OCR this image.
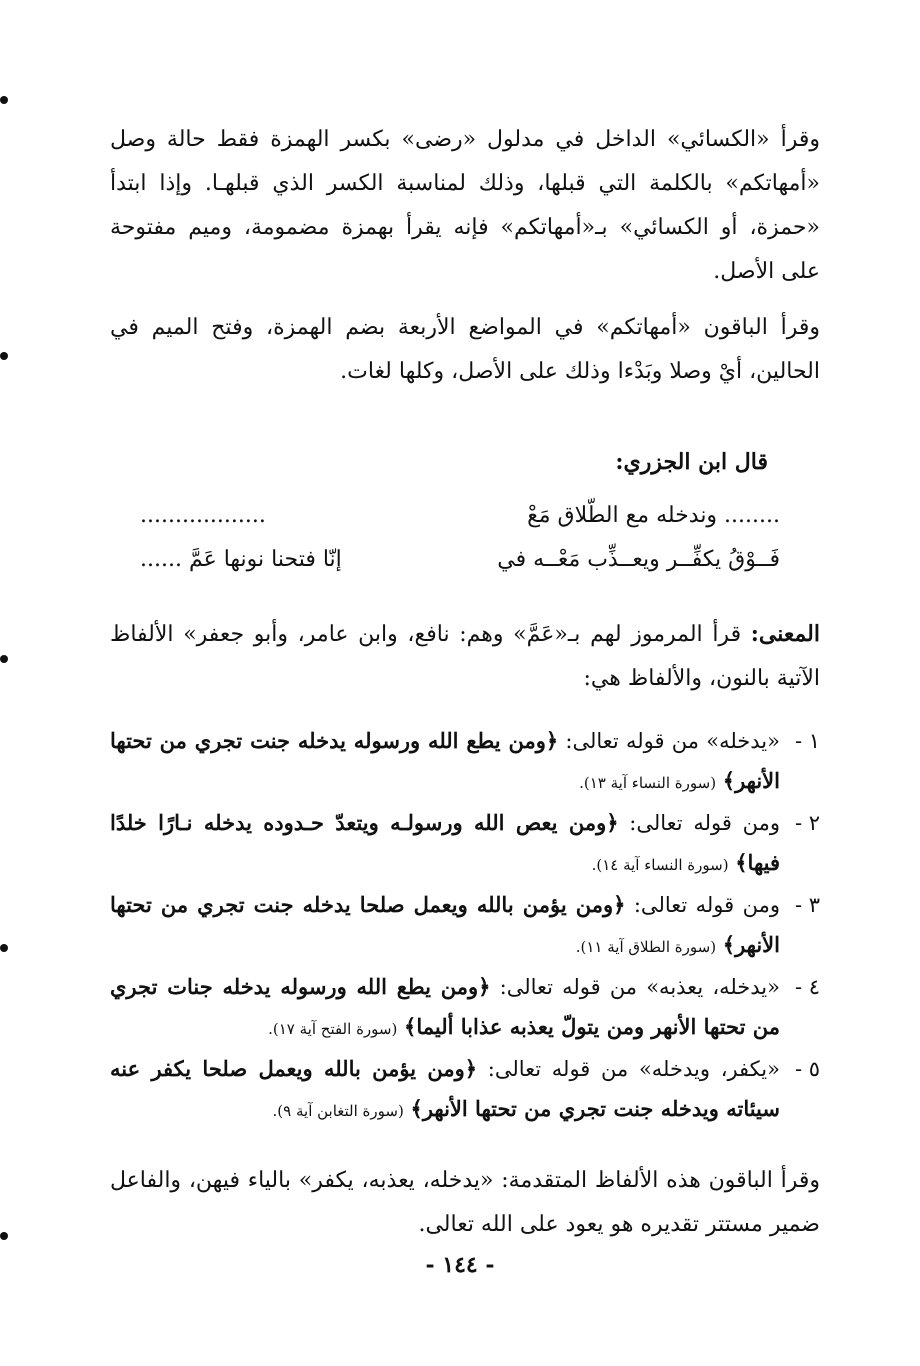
وقرأ «الكسائي» الداخل في مدلول «رضى» بكسر الهمزة فقط حالة وصل «أمهاتكم» بالكلمة التي قبلها، وذلك لمناسبة الكسر الذي قبلهـا. وإذا ابتدأ «حمزة، أو الكسائي» بـ«أمهاتكم» فإنه يقرأ بهمزة مضمومة، وميم مفتوحة على الأصل.

وقرأ الباقون «أمهاتكم» في المواضع الأربعة بضم الهمزة، وفتح الميم في الحالين، أيْ وصلا وبَدْءا وذلك على الأصل، وكلها لغات.

قال ابن الجزري:
........ وندخله مع الطّلاق مَعْ
..................
فَــوْقُ يكفِّــر ويعــذِّب مَعْــه في
إنّا فتحنا نونها عَمَّ ......

المعنى: قرأ المرموز لهم بـ«عَمَّ» وهم: نافع، وابن عامر، وأبو جعفر» الألفاظ الآتية بالنون، والألفاظ هي:

١ -
«يدخله» من قوله تعالى: ﴿ومن يطع الله ورسوله يدخله جنت تجري من تحتها الأنهر﴾ (سورة النساء آية ١٣).
٢ -
ومن قوله تعالى: ﴿ومن يعص الله ورسولـه ويتعدّ حـدوده يدخله نـارًا خلدًا فيها﴾ (سورة النساء آية ١٤).
٣ -
ومن قوله تعالى: ﴿ومن يؤمن بالله ويعمل صلحا يدخله جنت تجري من تحتها الأنهر﴾ (سورة الطلاق آية ١١).
٤ -
«يدخله، يعذبه» من قوله تعالى: ﴿ومن يطع الله ورسوله يدخله جنات تجري من تحتها الأنهر ومن يتولّ يعذبه عذابا أليما﴾ (سورة الفتح آية ١٧).
٥ -
«يكفر، ويدخله» من قوله تعالى: ﴿ومن يؤمن بالله ويعمل صلحا يكفر عنه سيئاته ويدخله جنت تجري من تحتها الأنهر﴾ (سورة التغابن آية ٩).

وقرأ الباقون هذه الألفاظ المتقدمة: «يدخله، يعذبه، يكفر» بالياء فيهن، والفاعل ضمير مستتر تقديره هو يعود على الله تعالى.

- ١٤٤ -
